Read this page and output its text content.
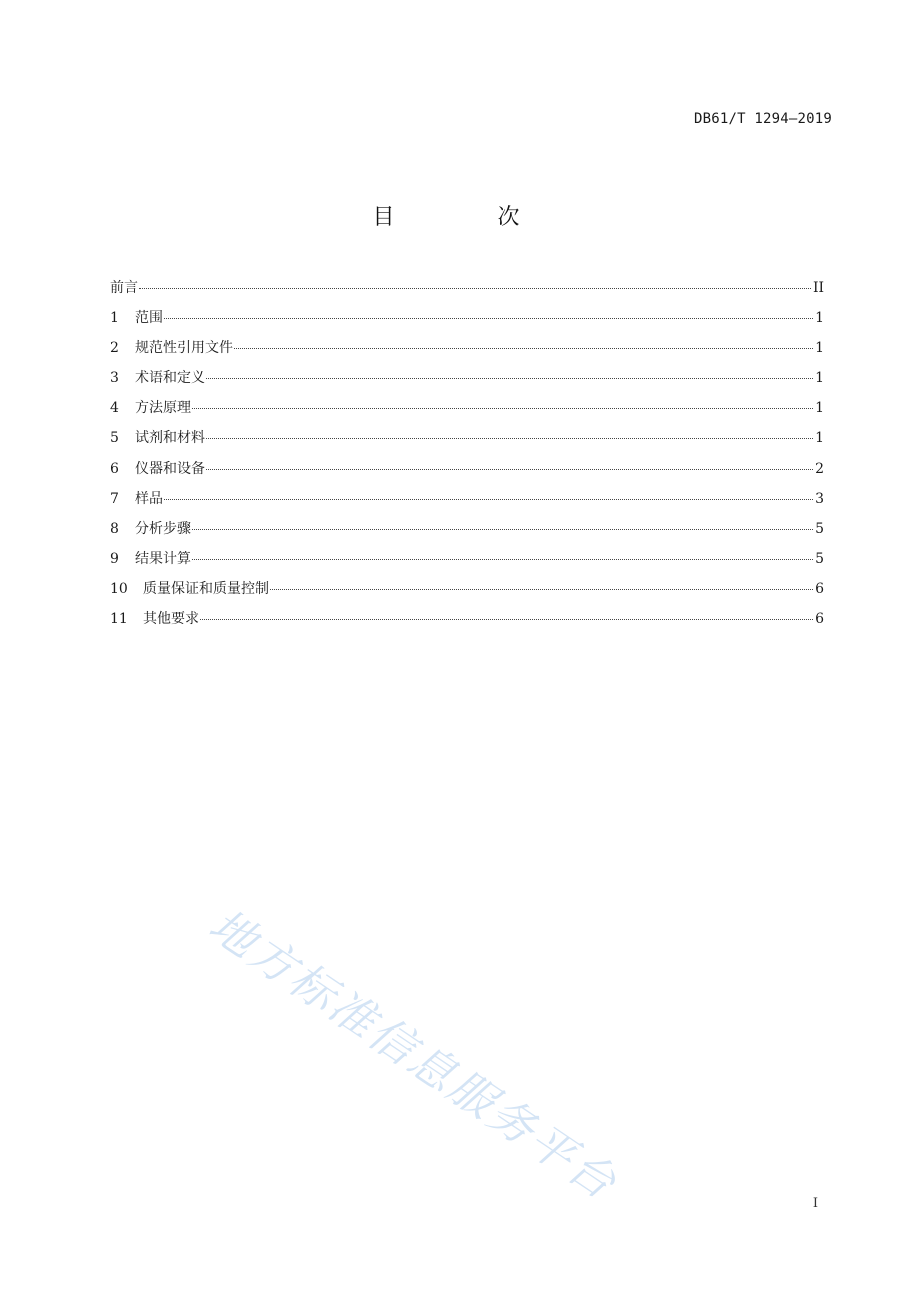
DB61/T 1294—2019
目 次
前言	II
1	范围	1
2	规范性引用文件	1
3	术语和定义	1
4	方法原理	1
5	试剂和材料	1
6	仪器和设备	2
7	样品	3
8	分析步骤	5
9	结果计算	5
10	质量保证和质量控制	6
11	其他要求	6
地方标准信息服务平台	I
